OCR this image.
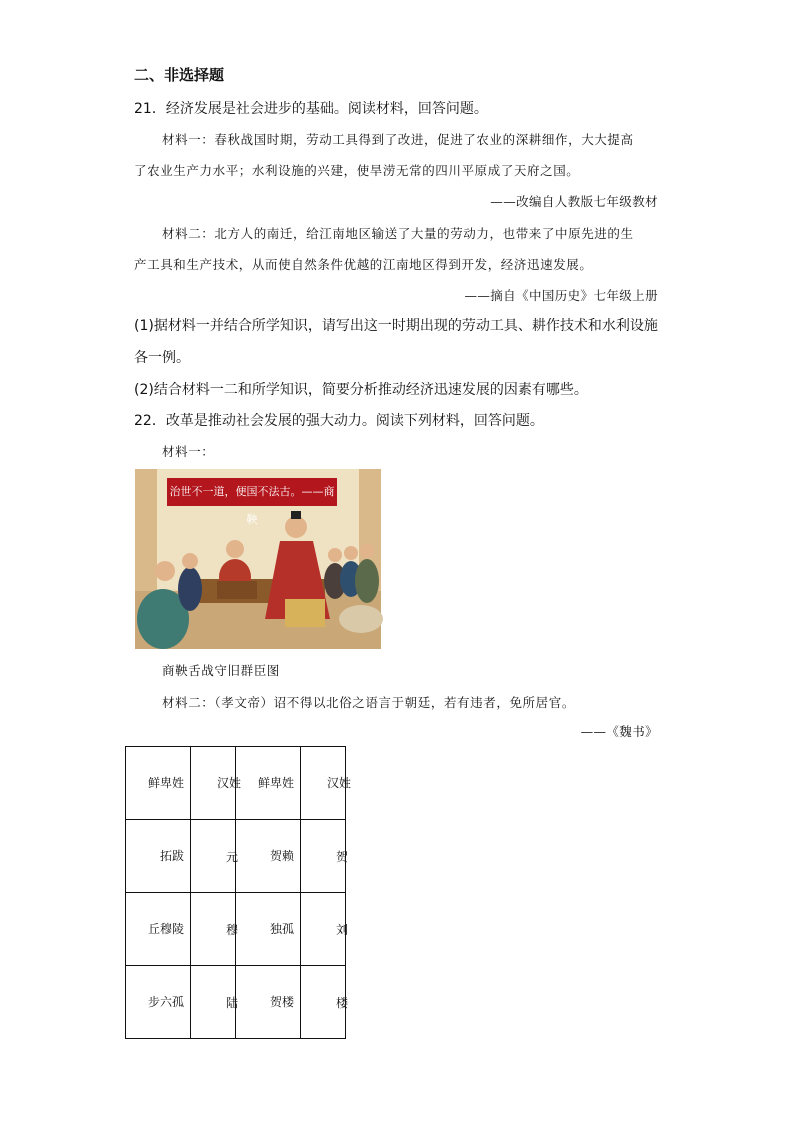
二、非选择题
21．经济发展是社会进步的基础。阅读材料，回答问题。
材料一：春秋战国时期，劳动工具得到了改进，促进了农业的深耕细作，大大提高
了农业生产力水平；水利设施的兴建，使旱涝无常的四川平原成了天府之国。
——改编自人教版七年级教材
材料二：北方人的南迁，给江南地区输送了大量的劳动力，也带来了中原先进的生
产工具和生产技术，从而使自然条件优越的江南地区得到开发，经济迅速发展。
——摘自《中国历史》七年级上册
(1)据材料一并结合所学知识，请写出这一时期出现的劳动工具、耕作技术和水利设施各一例。
(2)结合材料一二和所学知识，简要分析推动经济迅速发展的因素有哪些。
22．改革是推动社会发展的强大动力。阅读下列材料，回答问题。
材料一：
治世不一道，便国不法古。——商鞅
商鞅舌战守旧群臣图
材料二：（孝文帝）诏不得以北俗之语言于朝廷，若有违者，免所居官。
——《魏书》
鲜卑姓	汉姓	鲜卑姓	汉姓

拓跋	元	贺赖	贺

丘穆陵	穆	独孤	刘

步六孤	陆	贺楼	楼
